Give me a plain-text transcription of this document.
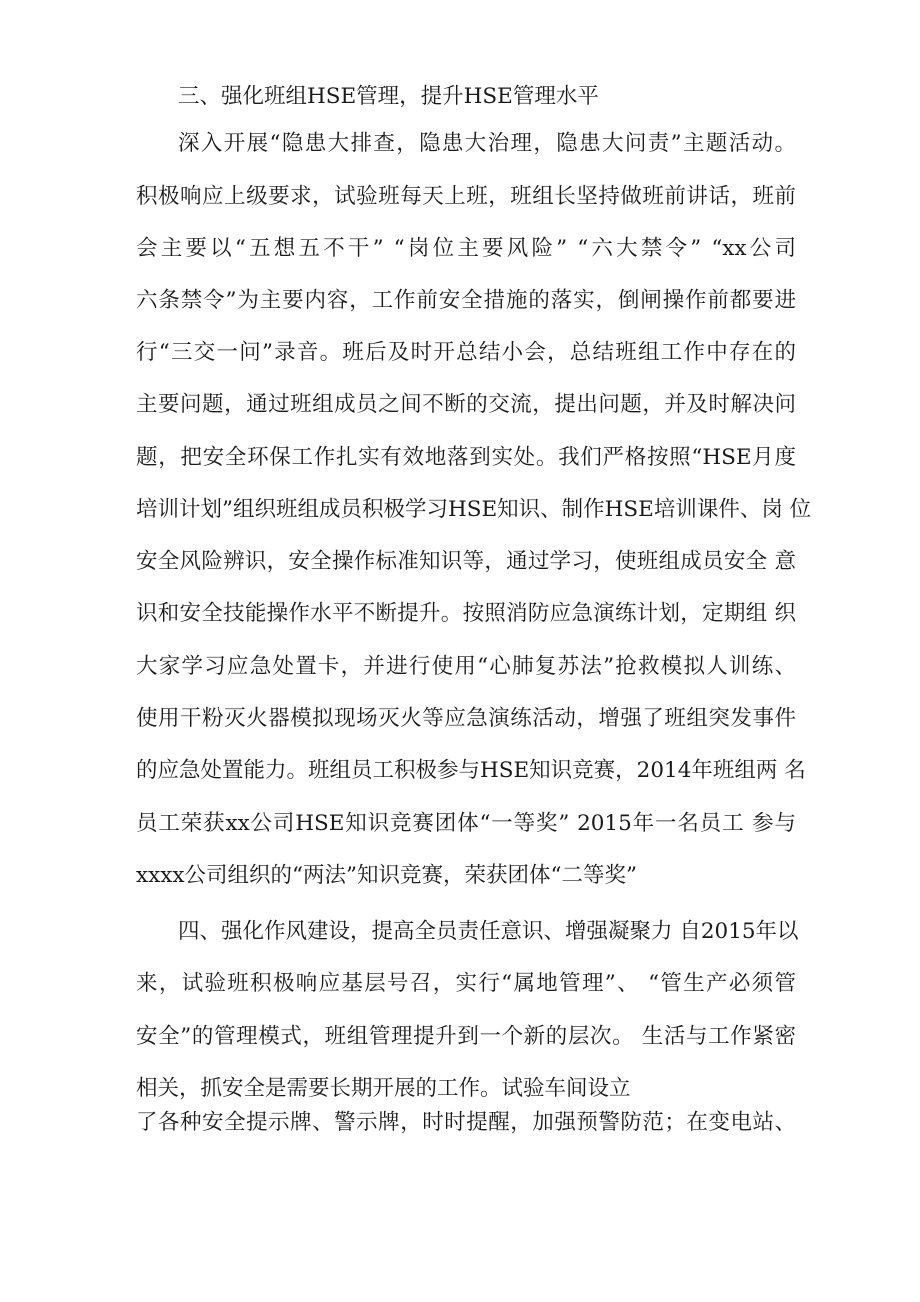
三、强化班组HSE管理，提升HSE管理水平
深入开展“隐患大排查，隐患大治理，隐患大问责”主题活动。
积极响应上级要求，试验班每天上班，班组长坚持做班前讲话，班前
会主要以“五想五不干” “岗位主要风险” “六大禁令” “xx公司
六条禁令”为主要内容，工作前安全措施的落实，倒闸操作前都要进
行“三交一问”录音。班后及时开总结小会，总结班组工作中存在的
主要问题，通过班组成员之间不断的交流，提出问题，并及时解决问
题，把安全环保工作扎实有效地落到实处。我们严格按照“HSE月度
培训计划”组织班组成员积极学习HSE知识、制作HSE培训课件、岗 位
安全风险辨识，安全操作标准知识等，通过学习，使班组成员安全 意
识和安全技能操作水平不断提升。按照消防应急演练计划，定期组 织
大家学习应急处置卡，并进行使用“心肺复苏法”抢救模拟人训练、
使用干粉灭火器模拟现场灭火等应急演练活动，增强了班组突发事件
的应急处置能力。班组员工积极参与HSE知识竞赛，2014年班组两 名
员工荣获xx公司HSE知识竞赛团体“一等奖” 2015年一名员工 参与
xxxx公司组织的“两法”知识竞赛，荣获团体“二等奖”
四、强化作风建设，提高全员责任意识、增强凝聚力 自2015年以
来，试验班积极响应基层号召，实行“属地管理”、 “管生产必须管
安全”的管理模式，班组管理提升到一个新的层次。 生活与工作紧密
相关，抓安全是需要长期开展的工作。试验车间设立
了各种安全提示牌、警示牌，时时提醒，加强预警防范；在变电站、
